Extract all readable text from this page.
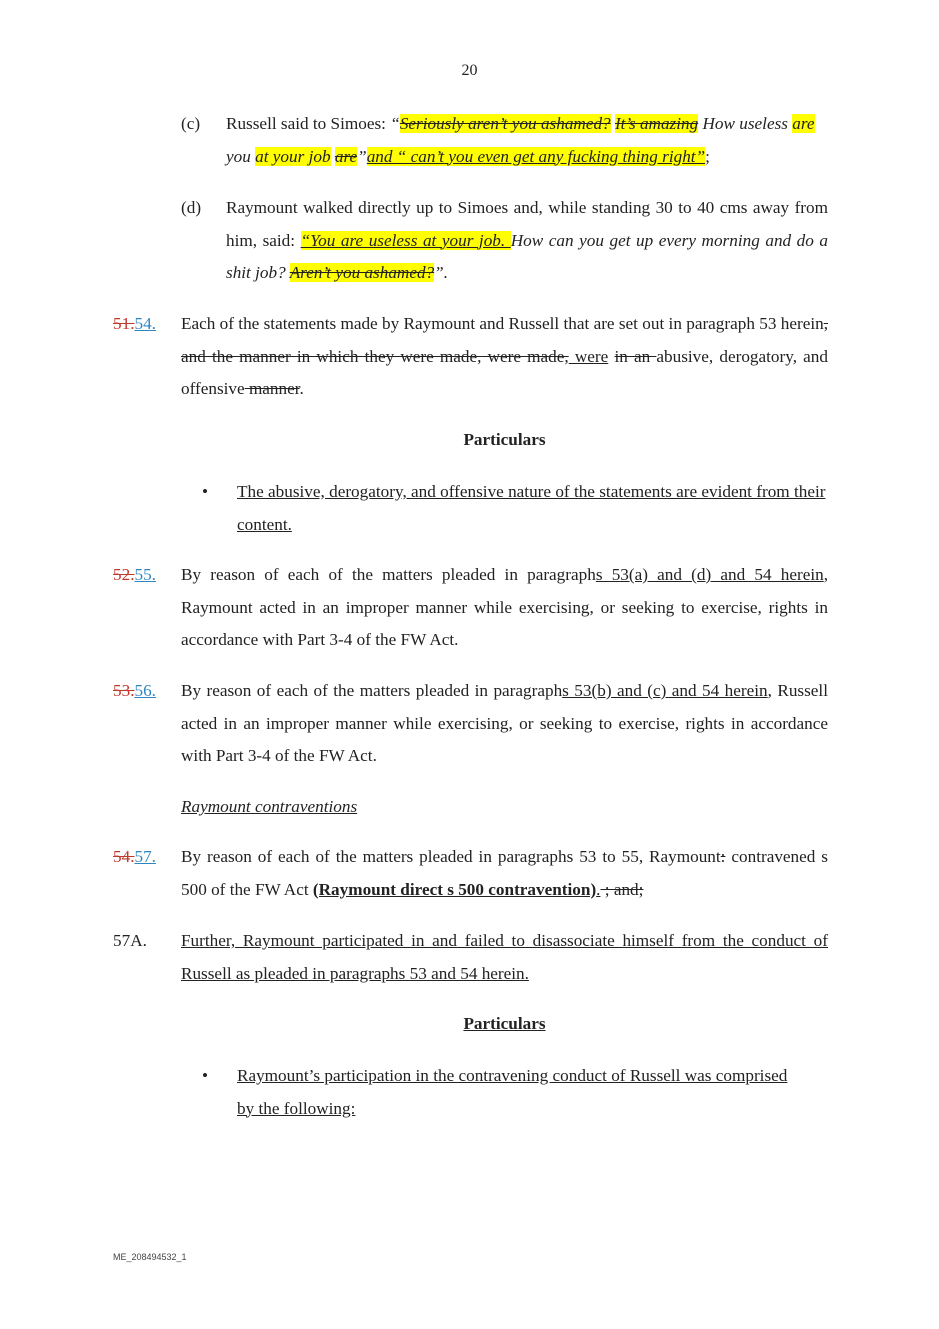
20
(c) Russell said to Simoes: “Seriously aren’t you ashamed? It’s amazing How useless are you at your job are”and “ can’t you even get any fucking thing right”;
(d) Raymount walked directly up to Simoes and, while standing 30 to 40 cms away from him, said: “You are useless at your job. How can you get up every morning and do a shit job? Aren’t you ashamed?”.
51.54. Each of the statements made by Raymount and Russell that are set out in paragraph 53 herein, and the manner in which they were made, were made, were in an abusive, derogatory, and offensive manner.
Particulars
• The abusive, derogatory, and offensive nature of the statements are evident from their content.
52.55. By reason of each of the matters pleaded in paragraphs 53(a) and (d) and 54 herein, Raymount acted in an improper manner while exercising, or seeking to exercise, rights in accordance with Part 3-4 of the FW Act.
53.56. By reason of each of the matters pleaded in paragraphs 53(b) and (c) and 54 herein, Russell acted in an improper manner while exercising, or seeking to exercise, rights in accordance with Part 3-4 of the FW Act.
Raymount contraventions
54.57. By reason of each of the matters pleaded in paragraphs 53 to 55, Raymount: contravened s 500 of the FW Act (Raymount direct s 500 contravention). ; and;
57A. Further, Raymount participated in and failed to disassociate himself from the conduct of Russell as pleaded in paragraphs 53 and 54 herein.
Particulars
• Raymount’s participation in the contravening conduct of Russell was comprised by the following:
ME_208494532_1
